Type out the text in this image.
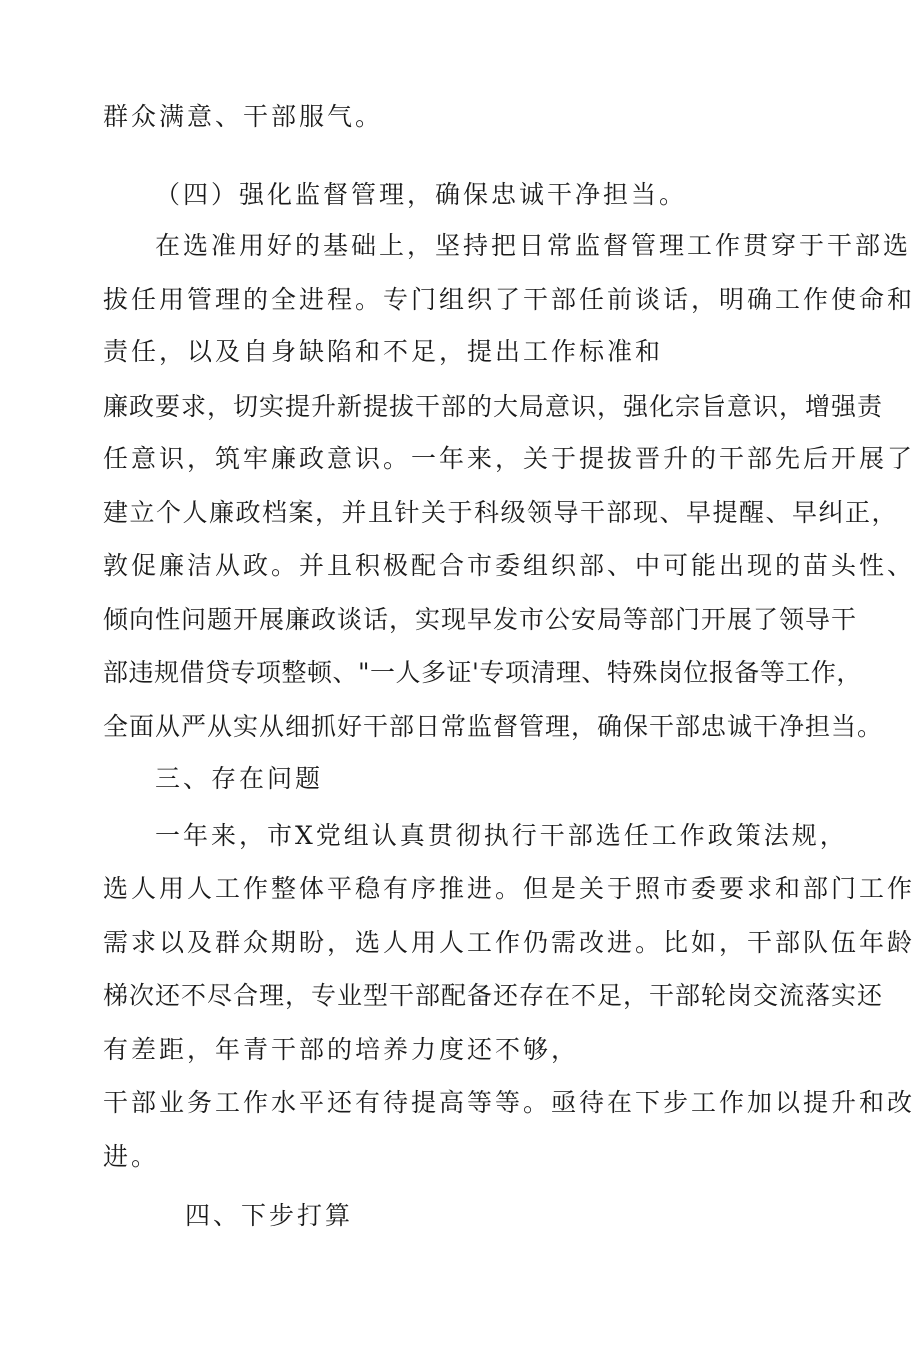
群众满意、干部服气。

（四）强化监督管理，确保忠诚干净担当。

在选准用好的基础上，坚持把日常监督管理工作贯穿于干部选

拔任用管理的全进程。专门组织了干部任前谈话，明确工作使命和

责任，以及自身缺陷和不足，提出工作标准和

廉政要求，切实提升新提拔干部的大局意识，强化宗旨意识，增强责

任意识，筑牢廉政意识。一年来，关于提拔晋升的干部先后开展了

建立个人廉政档案，并且针关于科级领导干部现、早提醒、早纠正，

敦促廉洁从政。并且积极配合市委组织部、中可能出现的苗头性、

倾向性问题开展廉政谈话，实现早发市公安局等部门开展了领导干

部违规借贷专项整顿、"一人多证'专项清理、特殊岗位报备等工作，

全面从严从实从细抓好干部日常监督管理，确保干部忠诚干净担当。

三、存在问题

一年来，市X党组认真贯彻执行干部选任工作政策法规，

选人用人工作整体平稳有序推进。但是关于照市委要求和部门工作

需求以及群众期盼，选人用人工作仍需改进。比如，干部队伍年龄

梯次还不尽合理，专业型干部配备还存在不足，干部轮岗交流落实还

有差距，年青干部的培养力度还不够，

干部业务工作水平还有待提高等等。亟待在下步工作加以提升和改

进。

四、下步打算
